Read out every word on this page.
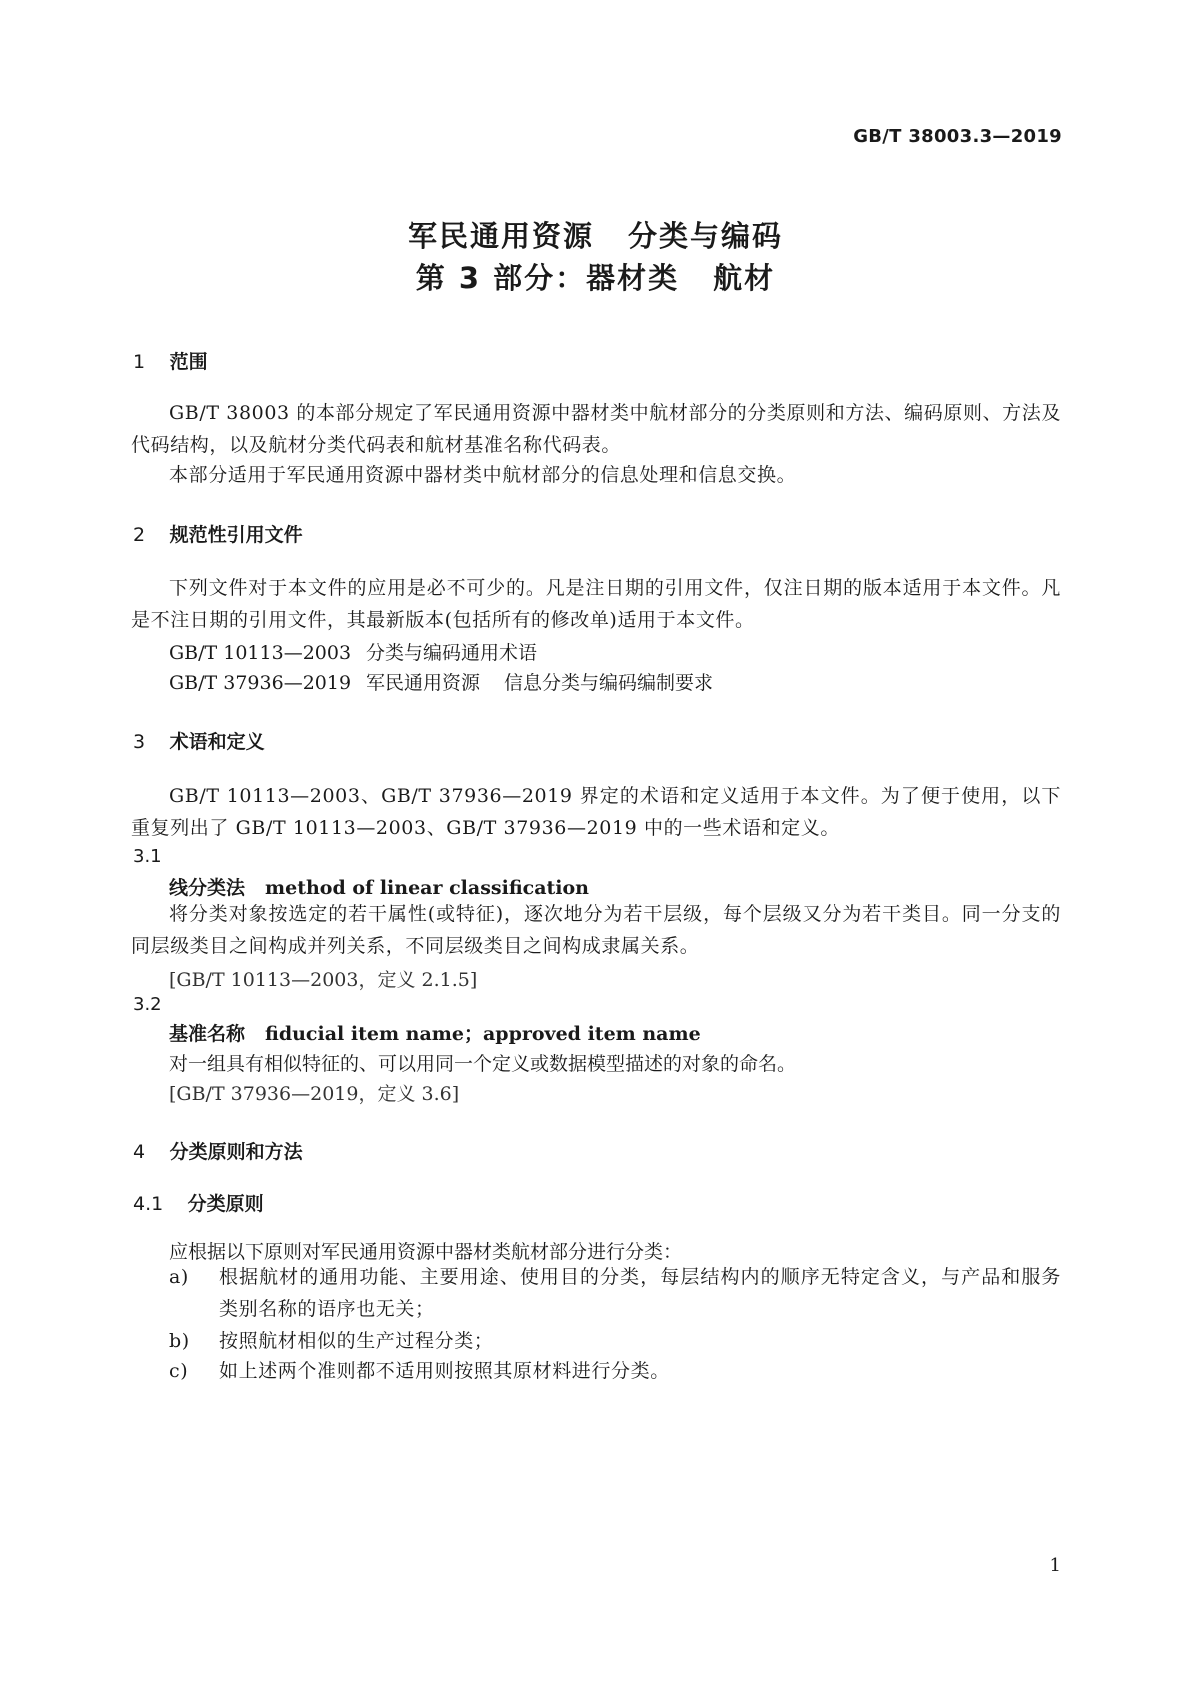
GB/T 38003.3—2019
军民通用资源 分类与编码
第 3 部分：器材类 航材
1 范围
GB/T 38003 的本部分规定了军民通用资源中器材类中航材部分的分类原则和方法、编码原则、方法及代码结构，以及航材分类代码表和航材基准名称代码表。
本部分适用于军民通用资源中器材类中航材部分的信息处理和信息交换。
2 规范性引用文件
下列文件对于本文件的应用是必不可少的。凡是注日期的引用文件，仅注日期的版本适用于本文件。凡是不注日期的引用文件，其最新版本(包括所有的修改单)适用于本文件。
GB/T 10113—2003 分类与编码通用术语
GB/T 37936—2019 军民通用资源 信息分类与编码编制要求
3 术语和定义
GB/T 10113—2003、GB/T 37936—2019 界定的术语和定义适用于本文件。为了便于使用，以下重复列出了 GB/T 10113—2003、GB/T 37936—2019 中的一些术语和定义。
3.1
线分类法 method of linear classification
将分类对象按选定的若干属性(或特征)，逐次地分为若干层级，每个层级又分为若干类目。同一分支的同层级类目之间构成并列关系，不同层级类目之间构成隶属关系。
[GB/T 10113—2003，定义 2.1.5]
3.2
基准名称 fiducial item name；approved item name
对一组具有相似特征的、可以用同一个定义或数据模型描述的对象的命名。
[GB/T 37936—2019，定义 3.6]
4 分类原则和方法
4.1 分类原则
应根据以下原则对军民通用资源中器材类航材部分进行分类：
a)	根据航材的通用功能、主要用途、使用目的分类，每层结构内的顺序无特定含义，与产品和服务类别名称的语序也无关；
b)	按照航材相似的生产过程分类；
c)	如上述两个准则都不适用则按照其原材料进行分类。
1
